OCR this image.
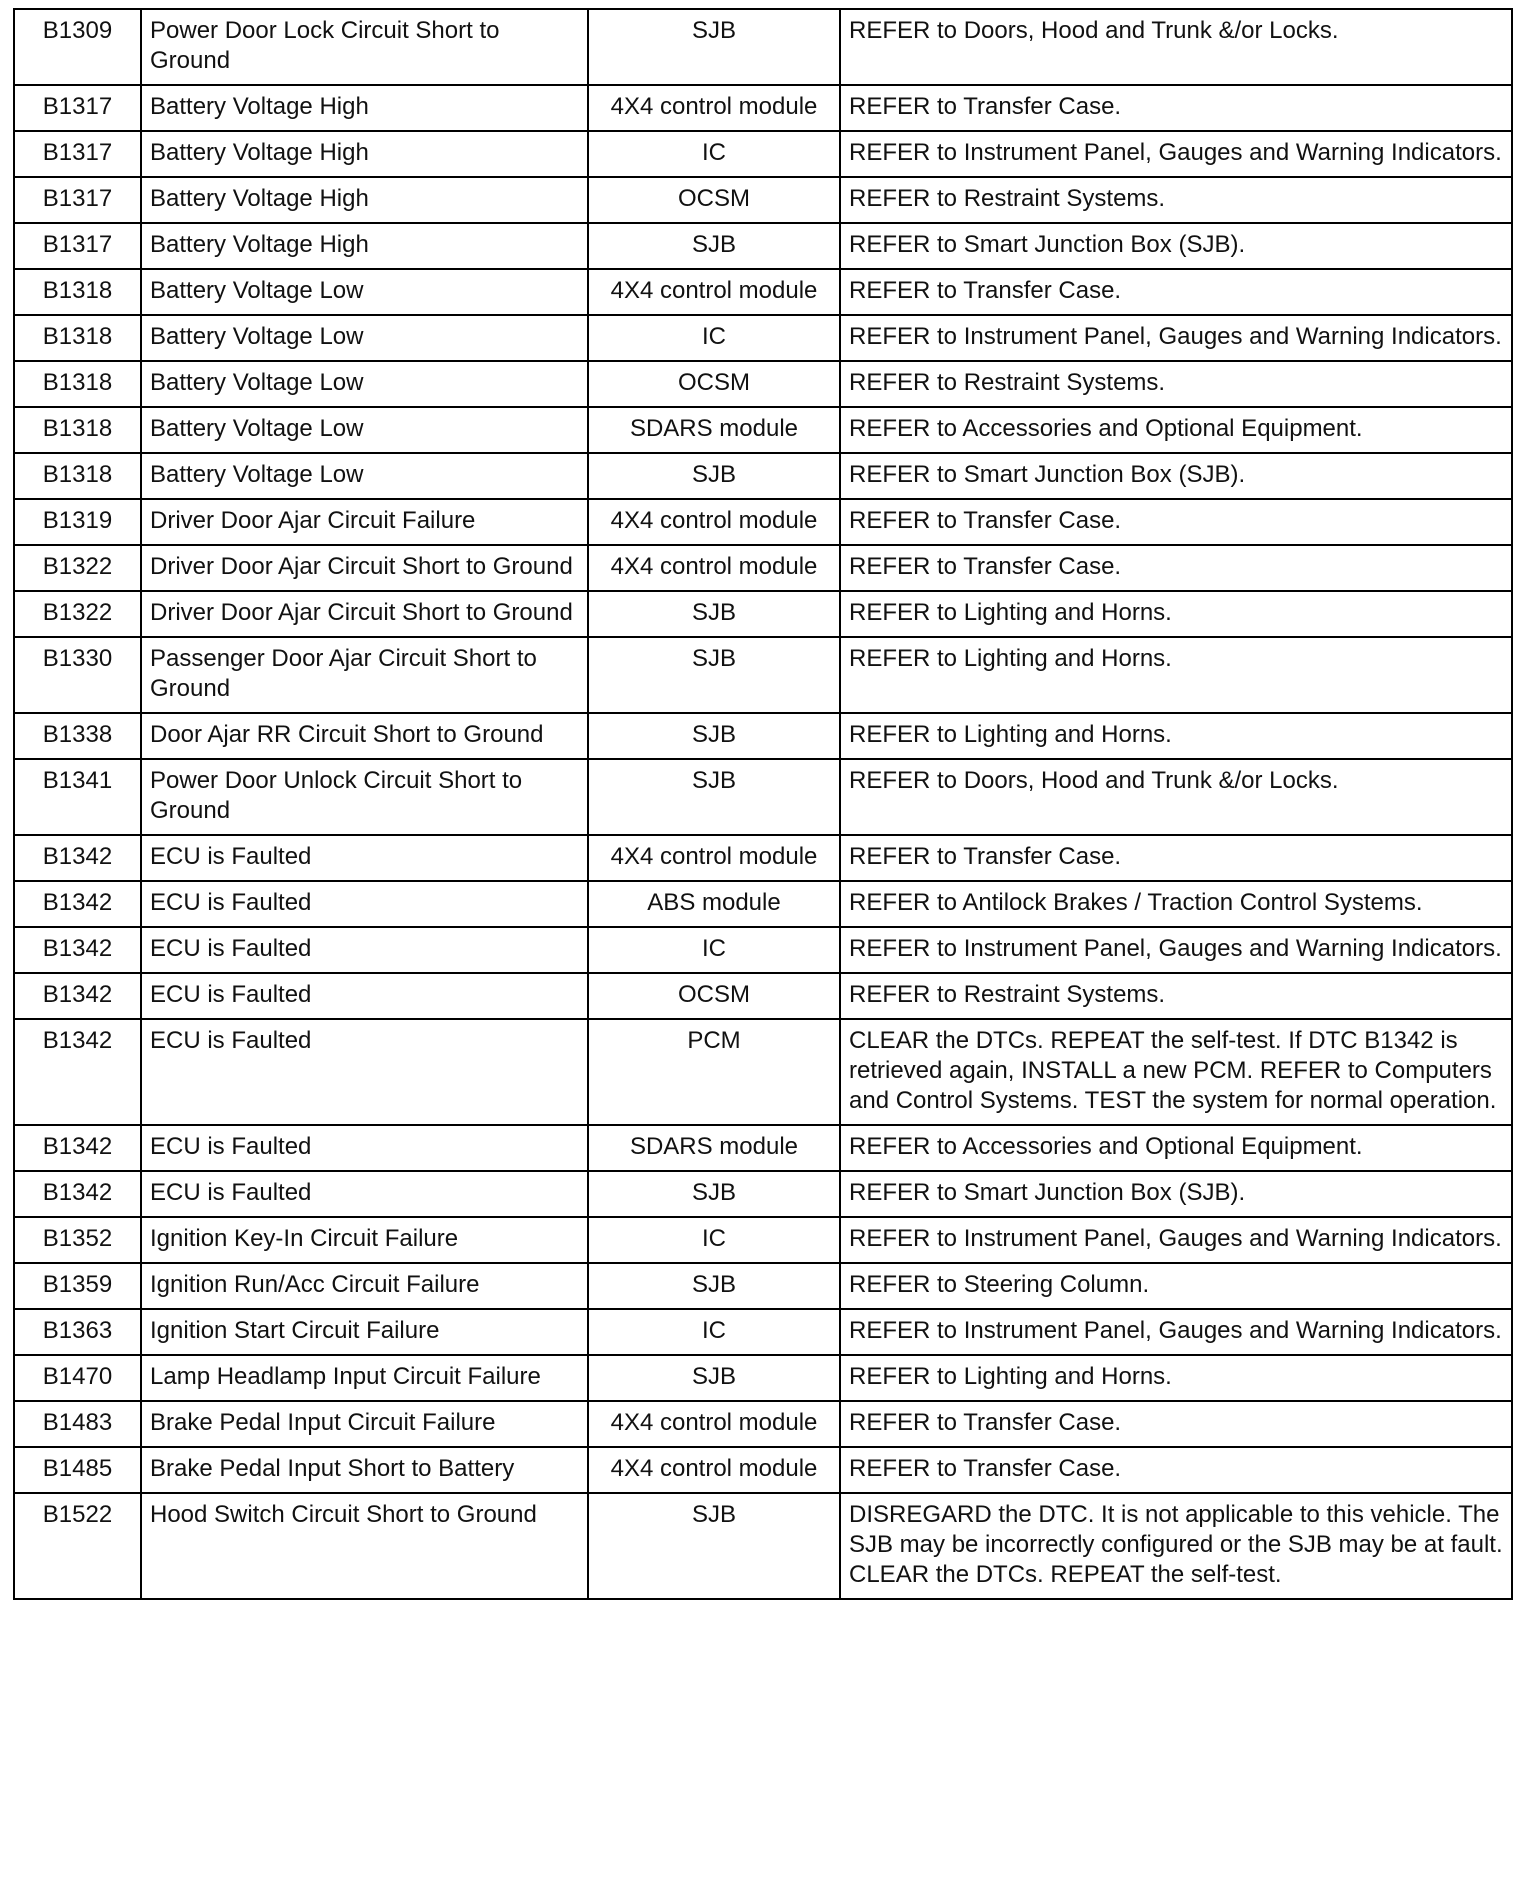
B1309	Power Door Lock Circuit Short to Ground	SJB	REFER to Doors, Hood and Trunk &/or Locks.
B1317	Battery Voltage High	4X4 control module	REFER to Transfer Case.
B1317	Battery Voltage High	IC	REFER to Instrument Panel, Gauges and Warning Indicators.
B1317	Battery Voltage High	OCSM	REFER to Restraint Systems.
B1317	Battery Voltage High	SJB	REFER to Smart Junction Box (SJB).
B1318	Battery Voltage Low	4X4 control module	REFER to Transfer Case.
B1318	Battery Voltage Low	IC	REFER to Instrument Panel, Gauges and Warning Indicators.
B1318	Battery Voltage Low	OCSM	REFER to Restraint Systems.
B1318	Battery Voltage Low	SDARS module	REFER to Accessories and Optional Equipment.
B1318	Battery Voltage Low	SJB	REFER to Smart Junction Box (SJB).
B1319	Driver Door Ajar Circuit Failure	4X4 control module	REFER to Transfer Case.
B1322	Driver Door Ajar Circuit Short to Ground	4X4 control module	REFER to Transfer Case.
B1322	Driver Door Ajar Circuit Short to Ground	SJB	REFER to Lighting and Horns.
B1330	Passenger Door Ajar Circuit Short to Ground	SJB	REFER to Lighting and Horns.
B1338	Door Ajar RR Circuit Short to Ground	SJB	REFER to Lighting and Horns.
B1341	Power Door Unlock Circuit Short to Ground	SJB	REFER to Doors, Hood and Trunk &/or Locks.
B1342	ECU is Faulted	4X4 control module	REFER to Transfer Case.
B1342	ECU is Faulted	ABS module	REFER to Antilock Brakes / Traction Control Systems.
B1342	ECU is Faulted	IC	REFER to Instrument Panel, Gauges and Warning Indicators.
B1342	ECU is Faulted	OCSM	REFER to Restraint Systems.
B1342	ECU is Faulted	PCM	CLEAR the DTCs. REPEAT the self-test. If DTC B1342 is retrieved again, INSTALL a new PCM. REFER to Computers and Control Systems. TEST the system for normal operation.
B1342	ECU is Faulted	SDARS module	REFER to Accessories and Optional Equipment.
B1342	ECU is Faulted	SJB	REFER to Smart Junction Box (SJB).
B1352	Ignition Key-In Circuit Failure	IC	REFER to Instrument Panel, Gauges and Warning Indicators.
B1359	Ignition Run/Acc Circuit Failure	SJB	REFER to Steering Column.
B1363	Ignition Start Circuit Failure	IC	REFER to Instrument Panel, Gauges and Warning Indicators.
B1470	Lamp Headlamp Input Circuit Failure	SJB	REFER to Lighting and Horns.
B1483	Brake Pedal Input Circuit Failure	4X4 control module	REFER to Transfer Case.
B1485	Brake Pedal Input Short to Battery	4X4 control module	REFER to Transfer Case.
B1522	Hood Switch Circuit Short to Ground	SJB	DISREGARD the DTC. It is not applicable to this vehicle. The SJB may be incorrectly configured or the SJB may be at fault. CLEAR the DTCs. REPEAT the self-test.
